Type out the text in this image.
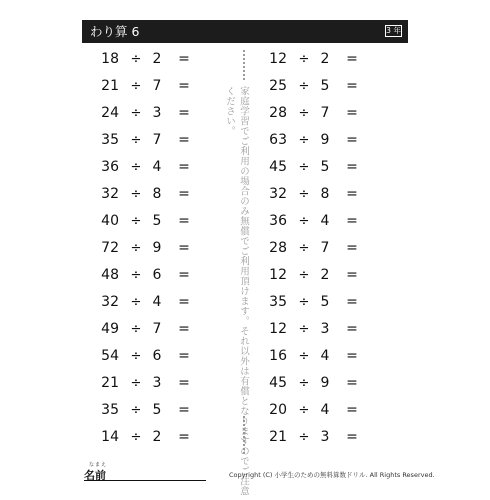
わり算 6	3 年
18 ÷ 2 =
21 ÷ 7 =
24 ÷ 3 =
35 ÷ 7 =
36 ÷ 4 =
32 ÷ 8 =
40 ÷ 5 =
72 ÷ 9 =
48 ÷ 6 =
32 ÷ 4 =
49 ÷ 7 =
54 ÷ 6 =
21 ÷ 3 =
35 ÷ 5 =
14 ÷ 2 =
12 ÷ 2 =
25 ÷ 5 =
28 ÷ 7 =
63 ÷ 9 =
45 ÷ 5 =
32 ÷ 8 =
36 ÷ 4 =
28 ÷ 7 =
12 ÷ 2 =
35 ÷ 5 =
12 ÷ 3 =
16 ÷ 4 =
45 ÷ 9 =
20 ÷ 4 =
21 ÷ 3 =
家庭学習でご利用の場合のみ無償でご利用頂けます。それ以外は有償となりますのでご注意ください。
なまえ
名前	Copyright (C) 小学生のための無料算数ドリル. All Rights Reserved.
